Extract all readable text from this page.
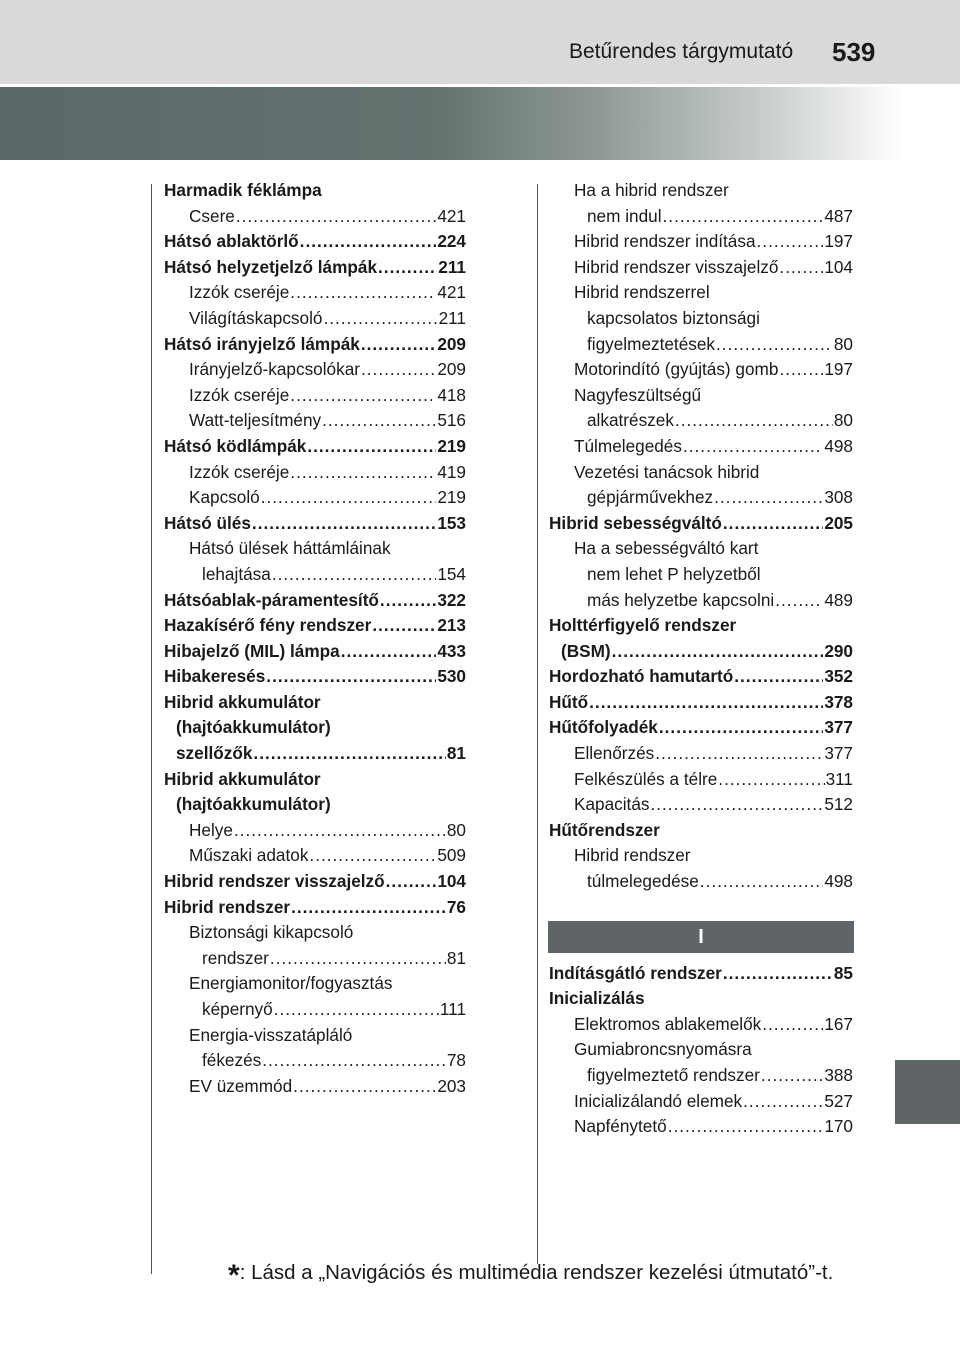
Betűrendes tárgymutató 539
Harmadik féklámpa
Csere .....	421
Hátsó ablaktörlő .....	224
Hátsó helyzetjelző lámpák .....	211
Izzók cseréje .....	421
Világításkapcsoló .....	211
Hátsó irányjelző lámpák .....	209
Irányjelző-kapcsolókar .....	209
Izzók cseréje .....	418
Watt-teljesítmény .....	516
Hátsó ködlámpák .....	219
Izzók cseréje .....	419
Kapcsoló .....	219
Hátsó ülés .....	153
Hátsó ülések háttámláinak
lehajtása .....	154
Hátsóablak-páramentesítő .....	322
Hazakísérő fény rendszer .....	213
Hibajelző (MIL) lámpa .....	433
Hibakeresés .....	530
Hibrid akkumulátor
(hajtóakkumulátor)
szellőzők .....	81
Hibrid akkumulátor
(hajtóakkumulátor)
Helye .....	80
Műszaki adatok .....	509
Hibrid rendszer visszajelző .....	104
Hibrid rendszer .....	76
Biztonsági kikapcsoló
rendszer .....	81
Energiamonitor/fogyasztás
képernyő .....	111
Energia-visszatápláló
fékezés .....	78
EV üzemmód .....	203
Ha a hibrid rendszer
nem indul .....	487
Hibrid rendszer indítása .....	197
Hibrid rendszer visszajelző .....	104
Hibrid rendszerrel
kapcsolatos biztonsági
figyelmeztetések .....	80
Motorindító (gyújtás) gomb .....	197
Nagyfeszültségű
alkatrészek .....	80
Túlmelegedés .....	498
Vezetési tanácsok hibrid
gépjárművekhez .....	308
Hibrid sebességváltó .....	205
Ha a sebességváltó kart
nem lehet P helyzetből
más helyzetbe kapcsolni .....	489
Holttérfigyelő rendszer
(BSM) .....	290
Hordozható hamutartó .....	352
Hűtő .....	378
Hűtőfolyadék .....	377
Ellenőrzés .....	377
Felkészülés a télre .....	311
Kapacitás .....	512
Hűtőrendszer
Hibrid rendszer
túlmelegedése .....	498
I
Indításgátló rendszer .....	85
Inicializálás
Elektromos ablakemelők .....	167
Gumiabroncsnyomásra
figyelmeztető rendszer .....	388
Inicializálandó elemek .....	527
Napfénytető .....	170
*: Lásd a „Navigációs és multimédia rendszer kezelési útmutató”-t.
